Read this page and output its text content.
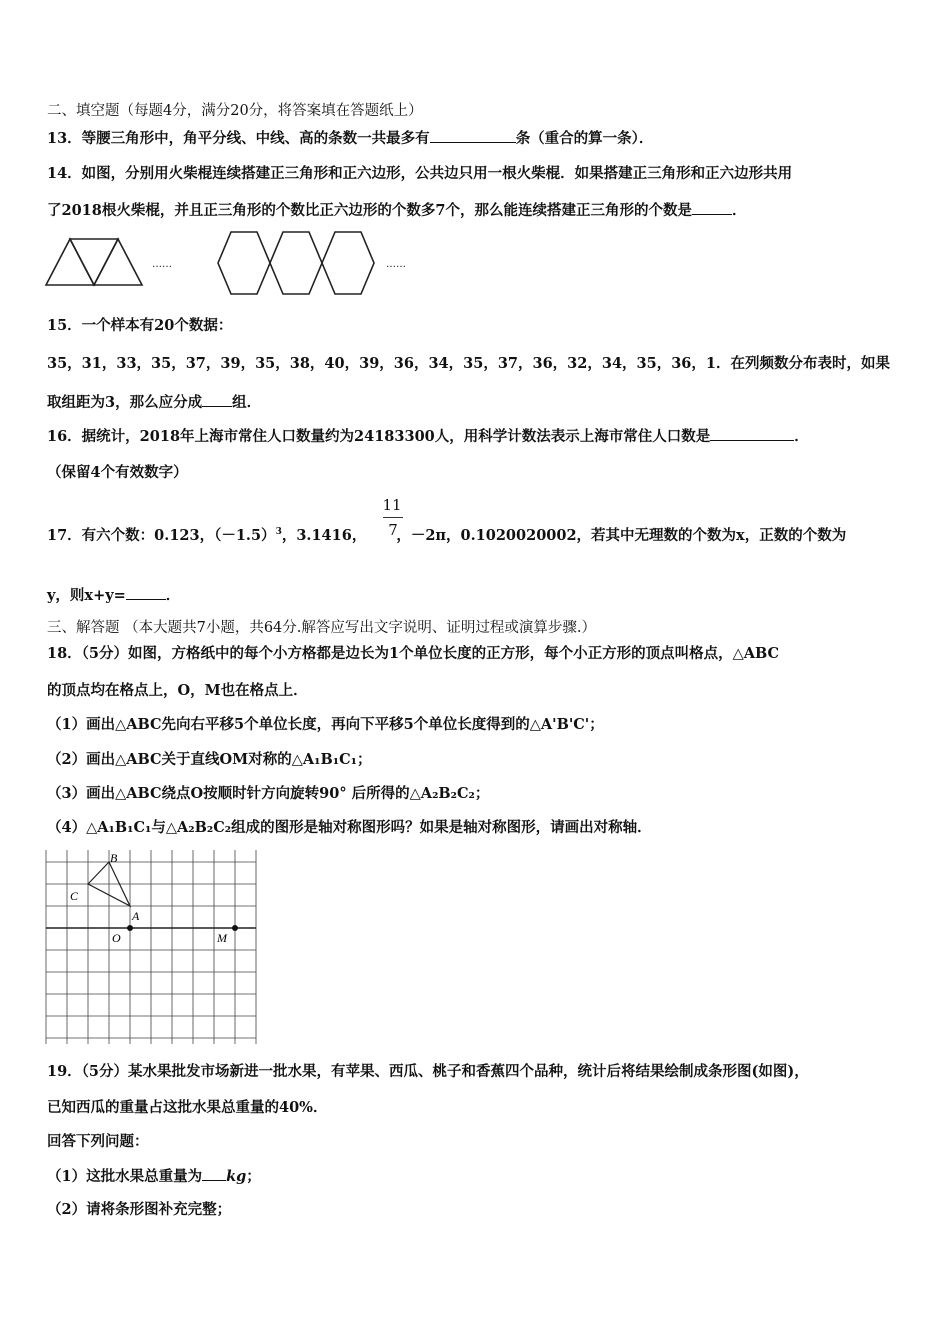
二、填空题（每题4分，满分20分，将答案填在答题纸上）
13．等腰三角形中，角平分线、中线、高的条数一共最多有	条（重合的算一条）．
14．如图，分别用火柴棍连续搭建正三角形和正六边形，公共边只用一根火柴棍．如果搭建正三角形和正六边形共用
了2018根火柴棍，并且正三角形的个数比正六边形的个数多7个，那么能连续搭建正三角形的个数是	．
……	……
15．一个样本有20个数据：
35，31，33，35，37，39，35，38，40，39，36，34，35，37，36，32，34，35，36，1．在列频数分布表时，如果
取组距为3，那么应分成 组．
16．据统计，2018年上海市常住人口数量约为24183300人，用科学计数法表示上海市常住人口数是	．
（保留4个有效数字）
17．有六个数：0.123，$(-1.5)^3$，3.1416， ，－2π，0.1020020002，若其中无理数的个数为x，正数的个数为
11
7
y，则x+y=	．
三、解答题 （本大题共7小题，共64分.解答应写出文字说明、证明过程或演算步骤.）
18．（5分）如图，方格纸中的每个小方格都是边长为1个单位长度的正方形，每个小正方形的顶点叫格点，△ABC
的顶点均在格点上，O，M也在格点上．
（1）画出△ABC先向右平移5个单位长度，再向下平移5个单位长度得到的△A'B'C'；
（2）画出△ABC关于直线OM对称的△A₁B₁C₁；
（3）画出△ABC绕点O按顺时针方向旋转90° 后所得的△A₂B₂C₂；
（4）△A₁B₁C₁与△A₂B₂C₂组成的图形是轴对称图形吗？如果是轴对称图形，请画出对称轴．
B
C
A
O	M
19．（5分）某水果批发市场新进一批水果，有苹果、西瓜、桃子和香蕉四个品种，统计后将结果绘制成条形图(如图)，
已知西瓜的重量占这批水果总重量的40%．
回答下列问题：
（1）这批水果总重量为 kg；
（2）请将条形图补充完整；
